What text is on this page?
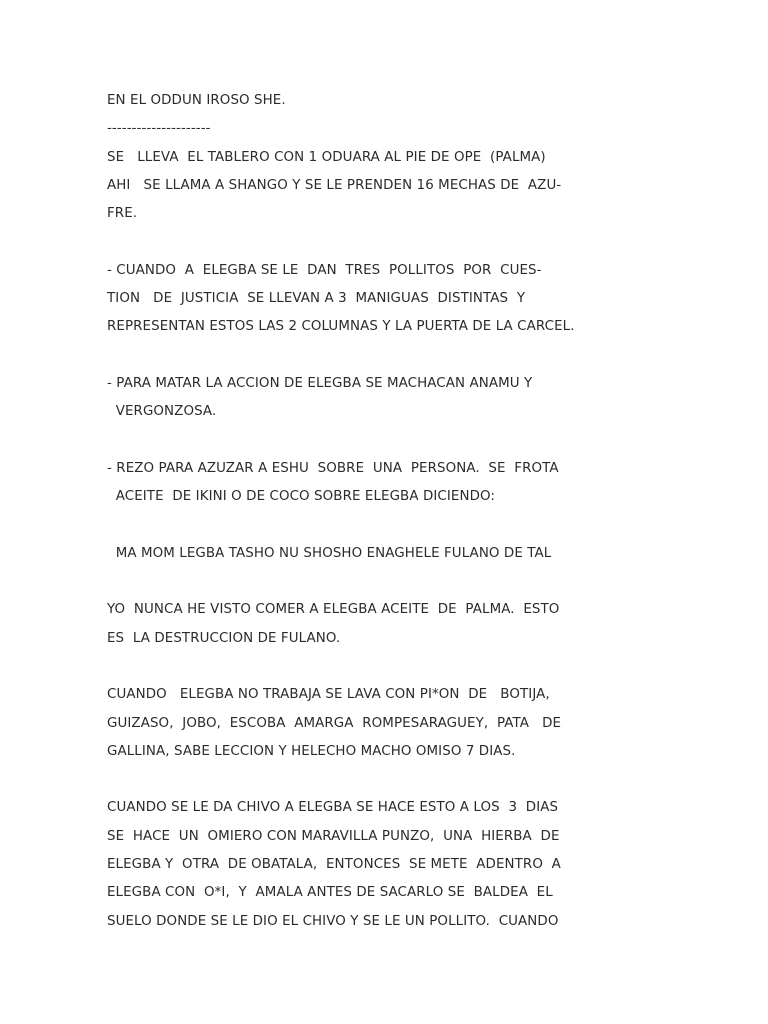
EN EL ODDUN IROSO SHE.
---------------------
SE   LLEVA  EL TABLERO CON 1 ODUARA AL PIE DE OPE  (PALMA)
AHI   SE LLAMA A SHANGO Y SE LE PRENDEN 16 MECHAS DE  AZU-
FRE.
- CUANDO  A  ELEGBA SE LE  DAN  TRES  POLLITOS  POR  CUES-
TION   DE  JUSTICIA  SE LLEVAN A 3  MANIGUAS  DISTINTAS  Y
REPRESENTAN ESTOS LAS 2 COLUMNAS Y LA PUERTA DE LA CARCEL.
- PARA MATAR LA ACCION DE ELEGBA SE MACHACAN ANAMU Y
VERGONZOSA.
- REZO PARA AZUZAR A ESHU  SOBRE  UNA  PERSONA.  SE  FROTA
ACEITE  DE IKINI O DE COCO SOBRE ELEGBA DICIENDO:
MA MOM LEGBA TASHO NU SHOSHO ENAGHELE FULANO DE TAL
YO  NUNCA HE VISTO COMER A ELEGBA ACEITE  DE  PALMA.  ESTO
ES  LA DESTRUCCION DE FULANO.
CUANDO   ELEGBA NO TRABAJA SE LAVA CON PI*ON  DE   BOTIJA,
GUIZASO,  JOBO,  ESCOBA  AMARGA  ROMPESARAGUEY,  PATA   DE
GALLINA, SABE LECCION Y HELECHO MACHO OMISO 7 DIAS.
CUANDO SE LE DA CHIVO A ELEGBA SE HACE ESTO A LOS  3  DIAS
SE  HACE  UN  OMIERO CON MARAVILLA PUNZO,  UNA  HIERBA  DE
ELEGBA Y  OTRA  DE OBATALA,  ENTONCES  SE METE  ADENTRO  A
ELEGBA CON  O*I,  Y  AMALA ANTES DE SACARLO SE  BALDEA  EL
SUELO DONDE SE LE DIO EL CHIVO Y SE LE UN POLLITO.  CUANDO
